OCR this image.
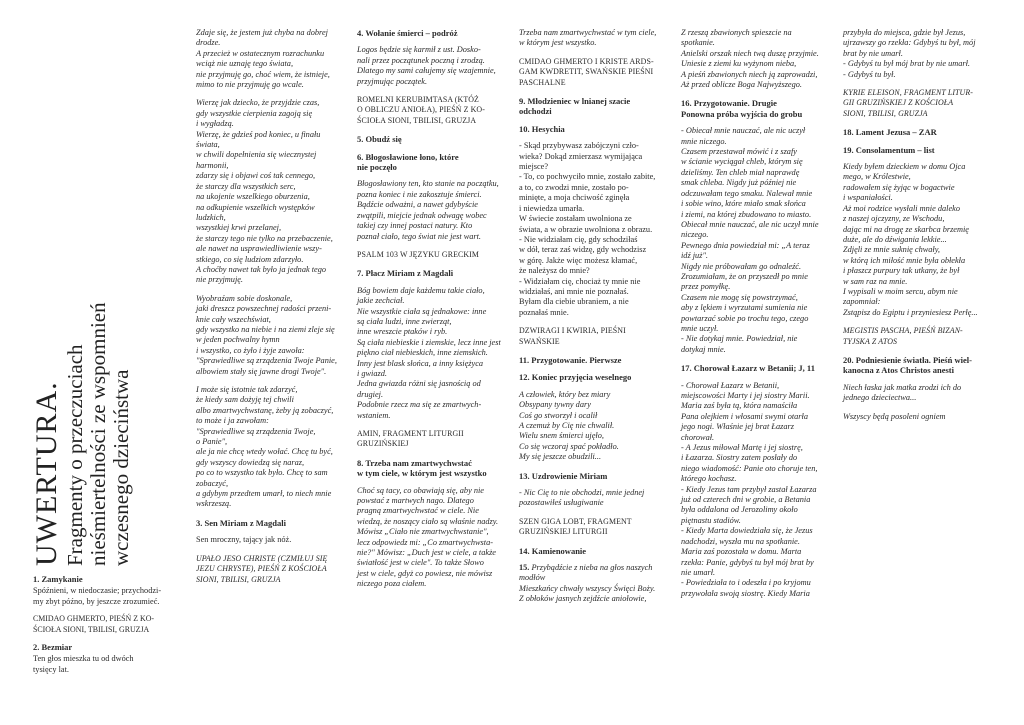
UWERTURA. Fragmenty o przeczuciach nieśmiertelności ze wspomnień wczesnego dzieciństwa
1. Zamykanie

Spóźnieni, w niedoczasie; przychodzi-
my zbyt późno, by jeszcze zrozumieć.

CMIDAO GHMERTO, PIEŚŃ Z KO-
ŚCIOŁA SIONI, TBILISI, GRUZJA

2. Bezmiar

Ten głos mieszka tu od dwóch
tysięcy lat.

Zdaje się, że jestem już chyba na dobrej
drodze.
A przecież w ostatecznym rozrachunku
wciąż nie uznaję tego świata,
nie przyjmuję go, choć wiem, że istnieje,
mimo to nie przyjmuję go wcale.

Wierzę jak dziecko, że przyjdzie czas,
gdy wszystkie cierpienia zagoją się
i wygładzą.
Wierzę, że gdzieś pod koniec, u finału
świata,
w chwili dopełnienia się wiecznystej
harmonii,
zdarzy się i objawi coś tak cennego,
że starczy dla wszystkich serc,
na ukojenie wszelkiego oburzenia,
na odkupienie wszelkich występków
ludzkich,
wszystkiej krwi przelanej,
że starczy tego nie tylko na przebaczenie,
ale nawet na usprawiedliwienie wszy-
stkiego, co się ludziom zdarzyło.
A choćby nawet tak było ja jednak tego
nie przyjmuję.

Wyobraźam sobie doskonale,
jaki dreszcz powszechnej radości przeni-
knie cały wszechświat,
gdy wszystko na niebie i na ziemi zleje się
w jeden pochwalny hymn
i wszystko, co żyło i żyje zawoła:
"Sprawiedliwe są zrządzenia Twoje Panie,
albowiem stały się jawne drogi Twoje".

I może się istotnie tak zdarzyć,
że kiedy sam dożyję tej chwili
albo zmartwychwstanę, żeby ją zobaczyć,
to może i ja zawołam:
"Sprawiedliwe są zrządzenia Twoje,
o Panie",
ale ja nie chcę wtedy wołać. Chcę tu być,
gdy wszyscy dowiedzą się naraz,
po co to wszystko tak było. Chcę to sam
zobaczyć,
a gdybym przedtem umarł, to niech mnie
wskrzeszą.

3. Sen Miriam z Magdali

Sen mroczny, tający jak nóż.

UPAŁO JESO CHRISTE (CZMIŁUJ SIĘ
JEZU CHRYSTE), PIEŚŃ Z KOŚCIOŁA
SIONI, TBILISI, GRUZJA

4. Wołanie śmierci – podróż

Logos będzie się karmił z ust. Dosko-
nali przez początunek poczną i zrodzą.
Dlatego my sami całujemy się wzajemnie,
przyjmując początek.

ROMELNI KERUBIMTASA (KTÓŻ
O OBLICZU ANIOŁA), PIEŚŃ Z KO-
ŚCIOŁA SIONI, TBILISI, GRUZJA

5. Obudź się
6. Błogosławione łono, które
nie poczęło

Błogosławiony ten, kto stanie na początku,
pozna koniec i nie zakosztuje śmierci.
Bądźcie odważni, a nawet gdybyście
zwątpili, miejcie jednak odwagę wobec
takiej czy innej postaci natury. Kto
poznał ciało, tego świat nie jest wart.

PSALM 103 W JĘZYKU GRECKIM

7. Płacz Miriam z Magdali

Bóg bowiem daje każdemu takie ciało,
jakie zechciał.
Nie wszystkie ciała są jednakowe: inne
są ciała ludzi, inne zwierząt,
inne wreszcie ptaków i ryb.
Są ciała niebieskie i ziemskie, lecz inne jest
piękno ciał niebieskich, inne ziemskich.
Inny jest blask słońca, a inny księżyca
i gwiazd.
Jedna gwiazda różni się jasnością od
drugiej.
Podobnie rzecz ma się ze zmartwych-
wstaniem.

AMIN, FRAGMENT LITURGII
GRUZIŃSKIEJ

8. Trzeba nam zmartwychwstać
w tym ciele, w którym jest wszystko

Choć są tacy, co obawiają się, aby nie
powstać z martwych nago. Dlatego
pragną zmartwychwstać w ciele. Nie
wiedzą, że noszący ciało są właśnie nadzy.
Mówisz „Ciało nie zmartwychwstanie",
lecz odpowiedz mi: „Co zmartwychwsta-
nie?" Mówisz: „Duch jest w ciele, a także
światłość jest w ciele". To także Słowo
jest w ciele, gdyż co powiesz, nie mówisz
niczego poza ciałem.

Trzeba nam zmartwychwstać w tym ciele,
w którym jest wszystko.

CMIDAO GHMERTO I KRISTE ARDS-
GAM KWDRETIT, SWAŃSKIE PIEŚNI
PASCHALNE

9. Młodzieniec w lnianej szacie
odchodzi
10. Hesychia

- Skąd przybywasz zabójczyni czło-
wieka? Dokąd zmierzasz wymijająca
miejsce?
- To, co pochwyciło mnie, zostało zabite,
a to, co zwodzi mnie, zostało po-
minięte, a moja chciwość zginęła
i niewiedza umarła.
W świecie zostałam uwolniona ze
świata, a w obrazie uwolniona z obrazu.
- Nie widziałam cię, gdy schodziłaś
w dół, teraz zaś widzę, gdy wchodzisz
w górę. Jakże więc możesz kłamać,
że należysz do mnie?
- Widziałam cię, chociaż ty mnie nie
widziałaś, ani mnie nie poznałaś.
Byłam dla ciebie ubraniem, a nie
poznałaś mnie.

DZWIRAGI I KWIRIA, PIEŚNI
SWAŃSKIE

11. Przygotowanie. Pierwsze
12. Koniec przyjęcia weselnego

A człowiek, który bez miary
Obsypany tywny dary
Coś go stworzył i ocalił
A czemuż by Cię nie chwalił.
Wielu snem śmierci ujęło,
Co się wczoraj spać pokładło.
My się jeszcze obudzili...

13. Uzdrowienie Miriam

- Nic Cię to nie obchodzi, mnie jednej
pozostawiłeś usługiwanie

SZEN GIGA LOBT, FRAGMENT
GRUZIŃSKIEJ LITURGII

14. Kamienowanie

15. Przybądźcie z nieba na głos naszych
modłów
Mieszkańcy chwały wszyscy Święci Boży.
Z obłoków jasnych zejdźcie aniołowie,

Z rzeszą zbawionych spieszcie na
spotkanie.
Anielski orszak niech twą duszę przyjmie.
Uniesie z ziemi ku wyżynom nieba,
A pieśń zbawionych niech ją zaprowadzi,
Aż przed oblicze Boga Najwyższego.

16. Przygotowanie. Drugie
Ponowna próba wyjścia do grobu

- Obiecał mnie nauczać, ale nic uczył
mnie niczego.
Czasem przestawał mówić i z szafy
w ścianie wyciągał chleb, którym się
dzieliśmy. Ten chleb miał naprawdę
smak chleba. Nigdy już później nie
odczuwałam tego smaku. Nalewał mnie
i sobie wino, które miało smak słońca
i ziemi, na której zbudowano to miasto.
Obiecał mnie nauczać, ale nic uczył mnie
niczego.
Pewnego dnia powiedział mi: „A teraz
idź już".
Nigdy nie próbowałam go odnaleźć.
Zrozumiałam, że on przyszedł po mnie
przez pomyłkę.
Czasem nie mogę się powstrzymać,
aby z lękiem i wyrzutami sumienia nie
powtarzać sobie po trochu tego, czego
mnie uczył.
- Nie dotykaj mnie. Powiedział, nie
dotykaj mnie.

17. Chorował Łazarz w Betanii; J, 11

- Chorował Łazarz w Betanii,
miejscowości Marty i jej siostry Marii.
Maria zaś była tą, która namaściła
Pana olejkiem i włosami swymi otarła
jego nogi. Właśnie jej brat Łazarz
chorował.
- A Jezus miłował Martę i jej siostrę,
i Łazarza. Siostry zatem posłały do
niego wiadomość: Panie oto choruje ten,
którego kochasz.
- Kiedy Jezus tam przybył zastał Łazarza
już od czterech dni w grobie, a Betania
była oddalona od Jerozolimy około
piętnastu stadiów.
- Kiedy Marta dowiedziała się, że Jezus
nadchodzi, wyszła mu na spotkanie.
Maria zaś pozostała w domu. Marta
rzekła: Panie, gdybyś tu był mój brat by
nie umarł.
- Powiedziała to i odeszła i po kryjomu
przywołała swoją siostrę. Kiedy Maria

przybyła do miejsca, gdzie był Jezus,
ujrzawszy go rzekła: Gdybyś tu był, mój
brat by nie umarł.
- Gdybyś tu był mój brat by nie umarł.
- Gdybyś tu był.

KYRIE ELEISON, FRAGMENT LITUR-
GII GRUZIŃSKIEJ Z KOŚCIOŁA
SIONI, TBILISI, GRUZJA

18. Lament Jezusa – ZAR
19. Consolamentum – list

Kiedy byłem dzieckiem w domu Ojca
mego, w Królestwie,
radowałem się żyjąc w bogactwie
i wspaniałości.
Aż moi rodzice wysłali mnie daleko
z naszej ojczyzny, ze Wschodu,
dając mi na drogę ze skarbca brzemię
duże, ale do dźwigania lekkie...
Zdjęli ze mnie suknię chwały,
w którą ich miłość mnie była obłekła
i płaszcz purpury tak utkany, że był
w sam raz na mnie.
I wypisali w moim sercu, abym nie
zapomniał:
Zstąpisz do Egiptu i przyniesiesz Perłę...

MEGISTIS PASCHA, PIEŚŃ BIZAN-
TYJSKA Z ATOS

20. Podniesienie światła. Pieśń wiel-
kanocna z Atos Christos anesti

Niech łaska jak matka zrodzi ich do
jednego dzieciectwa...

Wszyscy będą posoleni ogniem
